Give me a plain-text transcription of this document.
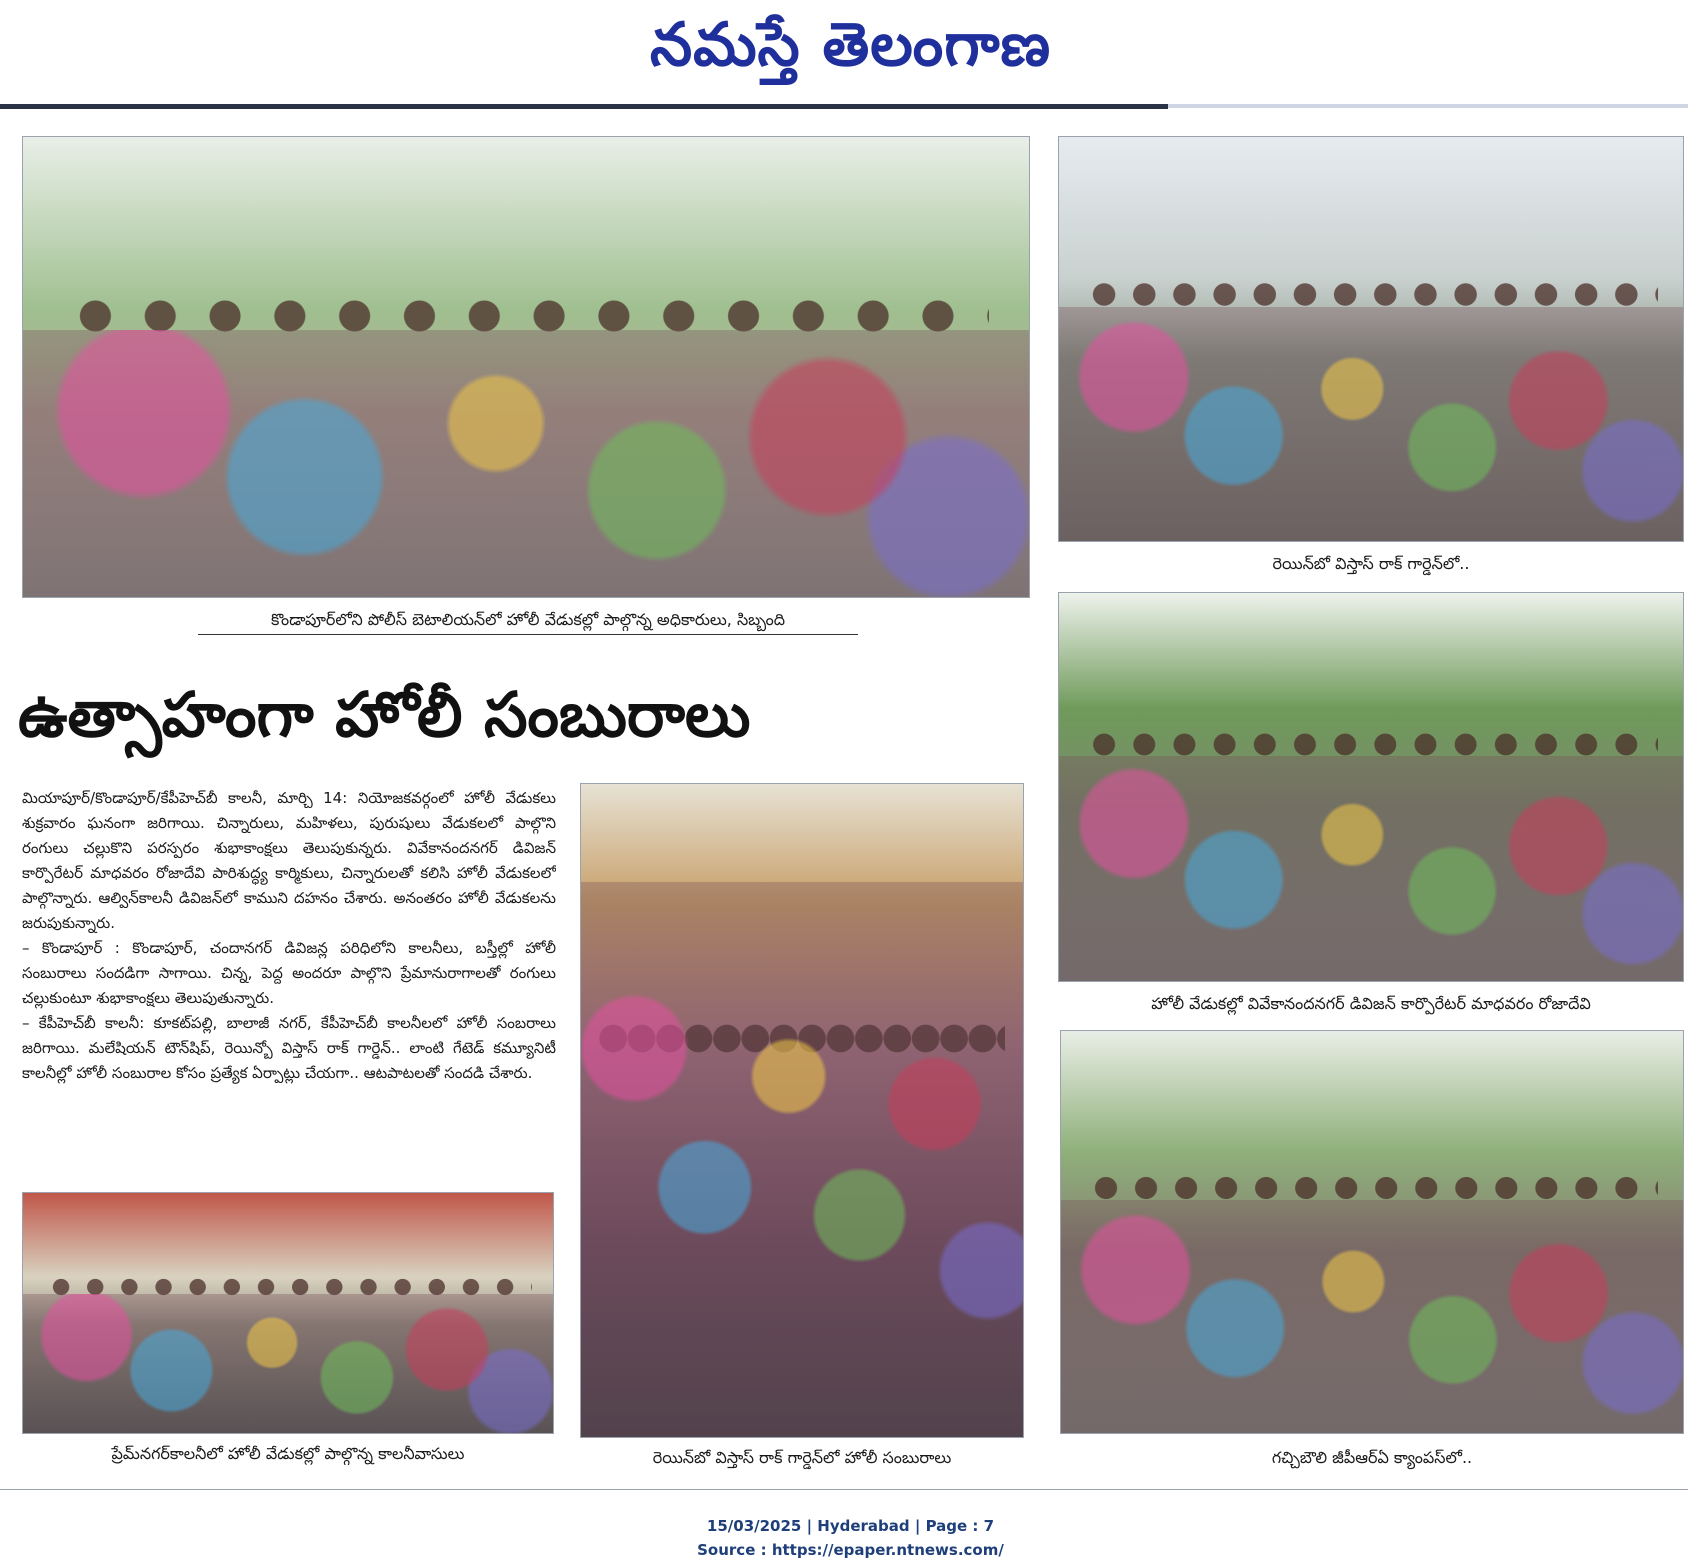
నమస్తే తెలంగాణ
కొండాపూర్‌లోని పోలీస్ బెటాలియన్‌లో హోలీ వేడుకల్లో పాల్గొన్న అధికారులు, సిబ్బంది
రెయిన్‌బో విస్తాస్ రాక్ గార్డెన్‌లో..
హోలీ వేడుకల్లో వివేకానందనగర్ డివిజన్ కార్పొరేటర్ మాధవరం రోజాదేవి
గచ్చిబౌలి జీపీఆర్ఏ క్యాంపస్‌లో..
ఉత్సాహంగా హోలీ సంబురాలు

మియాపూర్/కొండాపూర్/కేపీహెచ్‌బీ కాలనీ, మార్చి 14: నియోజకవర్గంలో హోలీ వేడుకలు శుక్రవారం ఘనంగా జరిగాయి. చిన్నారులు, మహిళలు, పురుషులు వేడుకలలో పాల్గొని రంగులు చల్లుకొని పరస్పరం శుభాకాంక్షలు తెలుపుకున్నరు. వివేకానందనగర్ డివిజన్ కార్పొరేటర్ మాధవరం రోజాదేవి పారిశుద్ధ్య కార్మికులు, చిన్నారులతో కలిసి హోలీ వేడుకలలో పాల్గొన్నారు. ఆల్విన్‌కాలనీ డివిజన్‌లో కాముని దహనం చేశారు. అనంతరం హోలీ వేడుకలను జరుపుకున్నారు.

– కొండాపూర్ : కొండాపూర్, చందానగర్ డివిజన్ల పరిధిలోని కాలనీలు, బస్తీల్లో హోలీ సంబురాలు సందడిగా సాగాయి. చిన్న, పెద్ద అందరూ పాల్గొని ప్రేమానురాగాలతో రంగులు చల్లుకుంటూ శుభాకాంక్షలు తెలుపుతున్నారు.

– కేపీహెచ్‌బీ కాలనీ: కూకట్‌పల్లి, బాలాజీ నగర్, కేపీహెచ్‌బీ కాలనీలలో హోలీ సంబరాలు జరిగాయి. మలేషియన్ టౌన్‌షిప్, రెయిన్బో విస్తాస్ రాక్ గార్డెన్.. లాంటి గేటెడ్ కమ్యూనిటీ కాలనీల్లో హోలీ సంబురాల కోసం ప్రత్యేక ఏర్పాట్లు చేయగా.. ఆటపాటలతో సందడి చేశారు.

రెయిన్‌బో విస్తాస్ రాక్ గార్డెన్‌లో హోలీ సంబురాలు
ప్రేమ్‌నగర్‌కాలనీలో హోలీ వేడుకల్లో పాల్గొన్న కాలనీవాసులు
15/03/2025 | Hyderabad | Page : 7
Source : https://epaper.ntnews.com/
